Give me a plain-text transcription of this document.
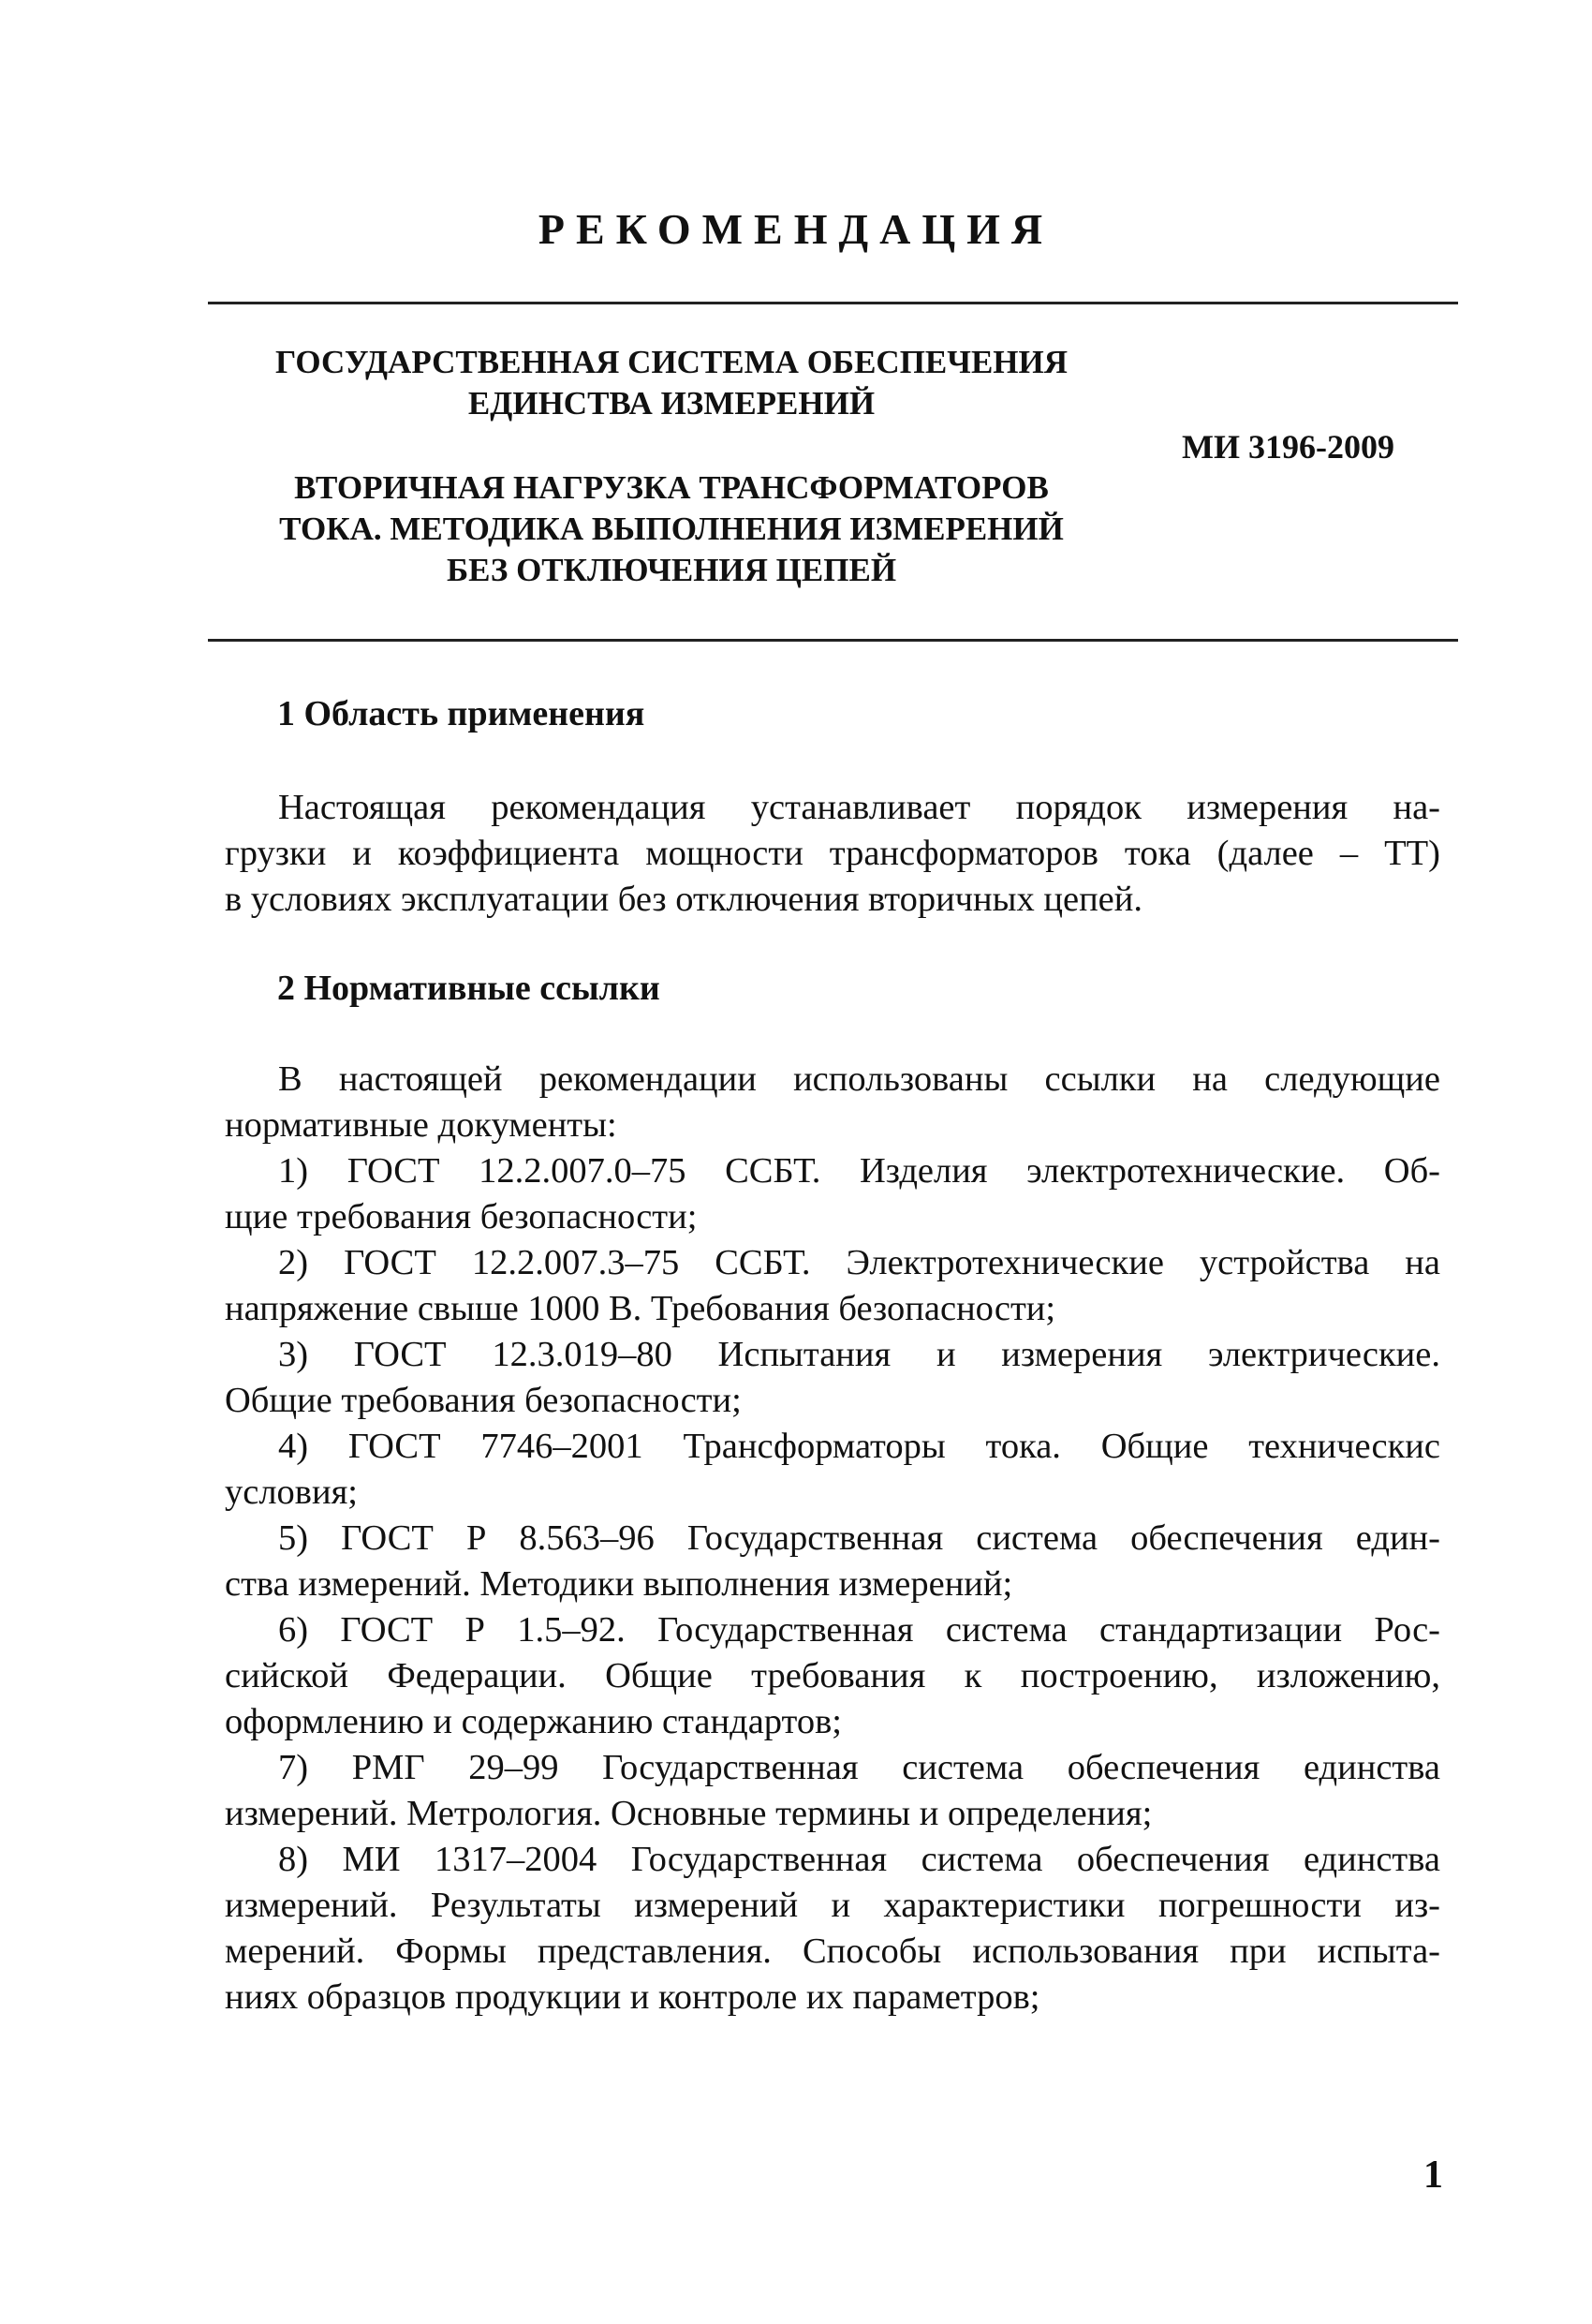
РЕКОМЕНДАЦИЯ
ГОСУДАРСТВЕННАЯ СИСТЕМА ОБЕСПЕЧЕНИЯ
ЕДИНСТВА ИЗМЕРЕНИЙ
ВТОРИЧНАЯ НАГРУЗКА ТРАНСФОРМАТОРОВ
ТОКА. МЕТОДИКА ВЫПОЛНЕНИЯ ИЗМЕРЕНИЙ
БЕЗ ОТКЛЮЧЕНИЯ ЦЕПЕЙ
МИ 3196-2009
1 Область применения
Настоящая рекомендация устанавливает порядок измерения на-
грузки и коэффициента мощности трансформаторов тока (далее – ТТ)
в условиях эксплуатации без отключения вторичных цепей.
2 Нормативные ссылки
В настоящей рекомендации использованы ссылки на следующие
нормативные документы:
1) ГОСТ 12.2.007.0–75 ССБТ. Изделия электротехнические. Об-
щие требования безопасности;
2) ГОСТ 12.2.007.3–75 ССБТ. Электротехнические устройства на
напряжение свыше 1000 В. Требования безопасности;
3) ГОСТ 12.3.019–80 Испытания и измерения электрические.
Общие требования безопасности;
4) ГОСТ 7746–2001 Трансформаторы тока. Общие техническис
условия;
5) ГОСТ Р 8.563–96 Государственная система обеспечения един-
ства измерений. Методики выполнения измерений;
6) ГОСТ Р 1.5–92. Государственная система стандартизации Рос-
сийской Федерации. Общие требования к построению, изложению,
оформлению и содержанию стандартов;
7) РМГ 29–99 Государственная система обеспечения единства
измерений. Метрология. Основные термины и определения;
8) МИ 1317–2004 Государственная система обеспечения единства
измерений. Результаты измерений и характеристики погрешности из-
мерений. Формы представления. Способы использования при испыта-
ниях образцов продукции и контроле их параметров;
1
